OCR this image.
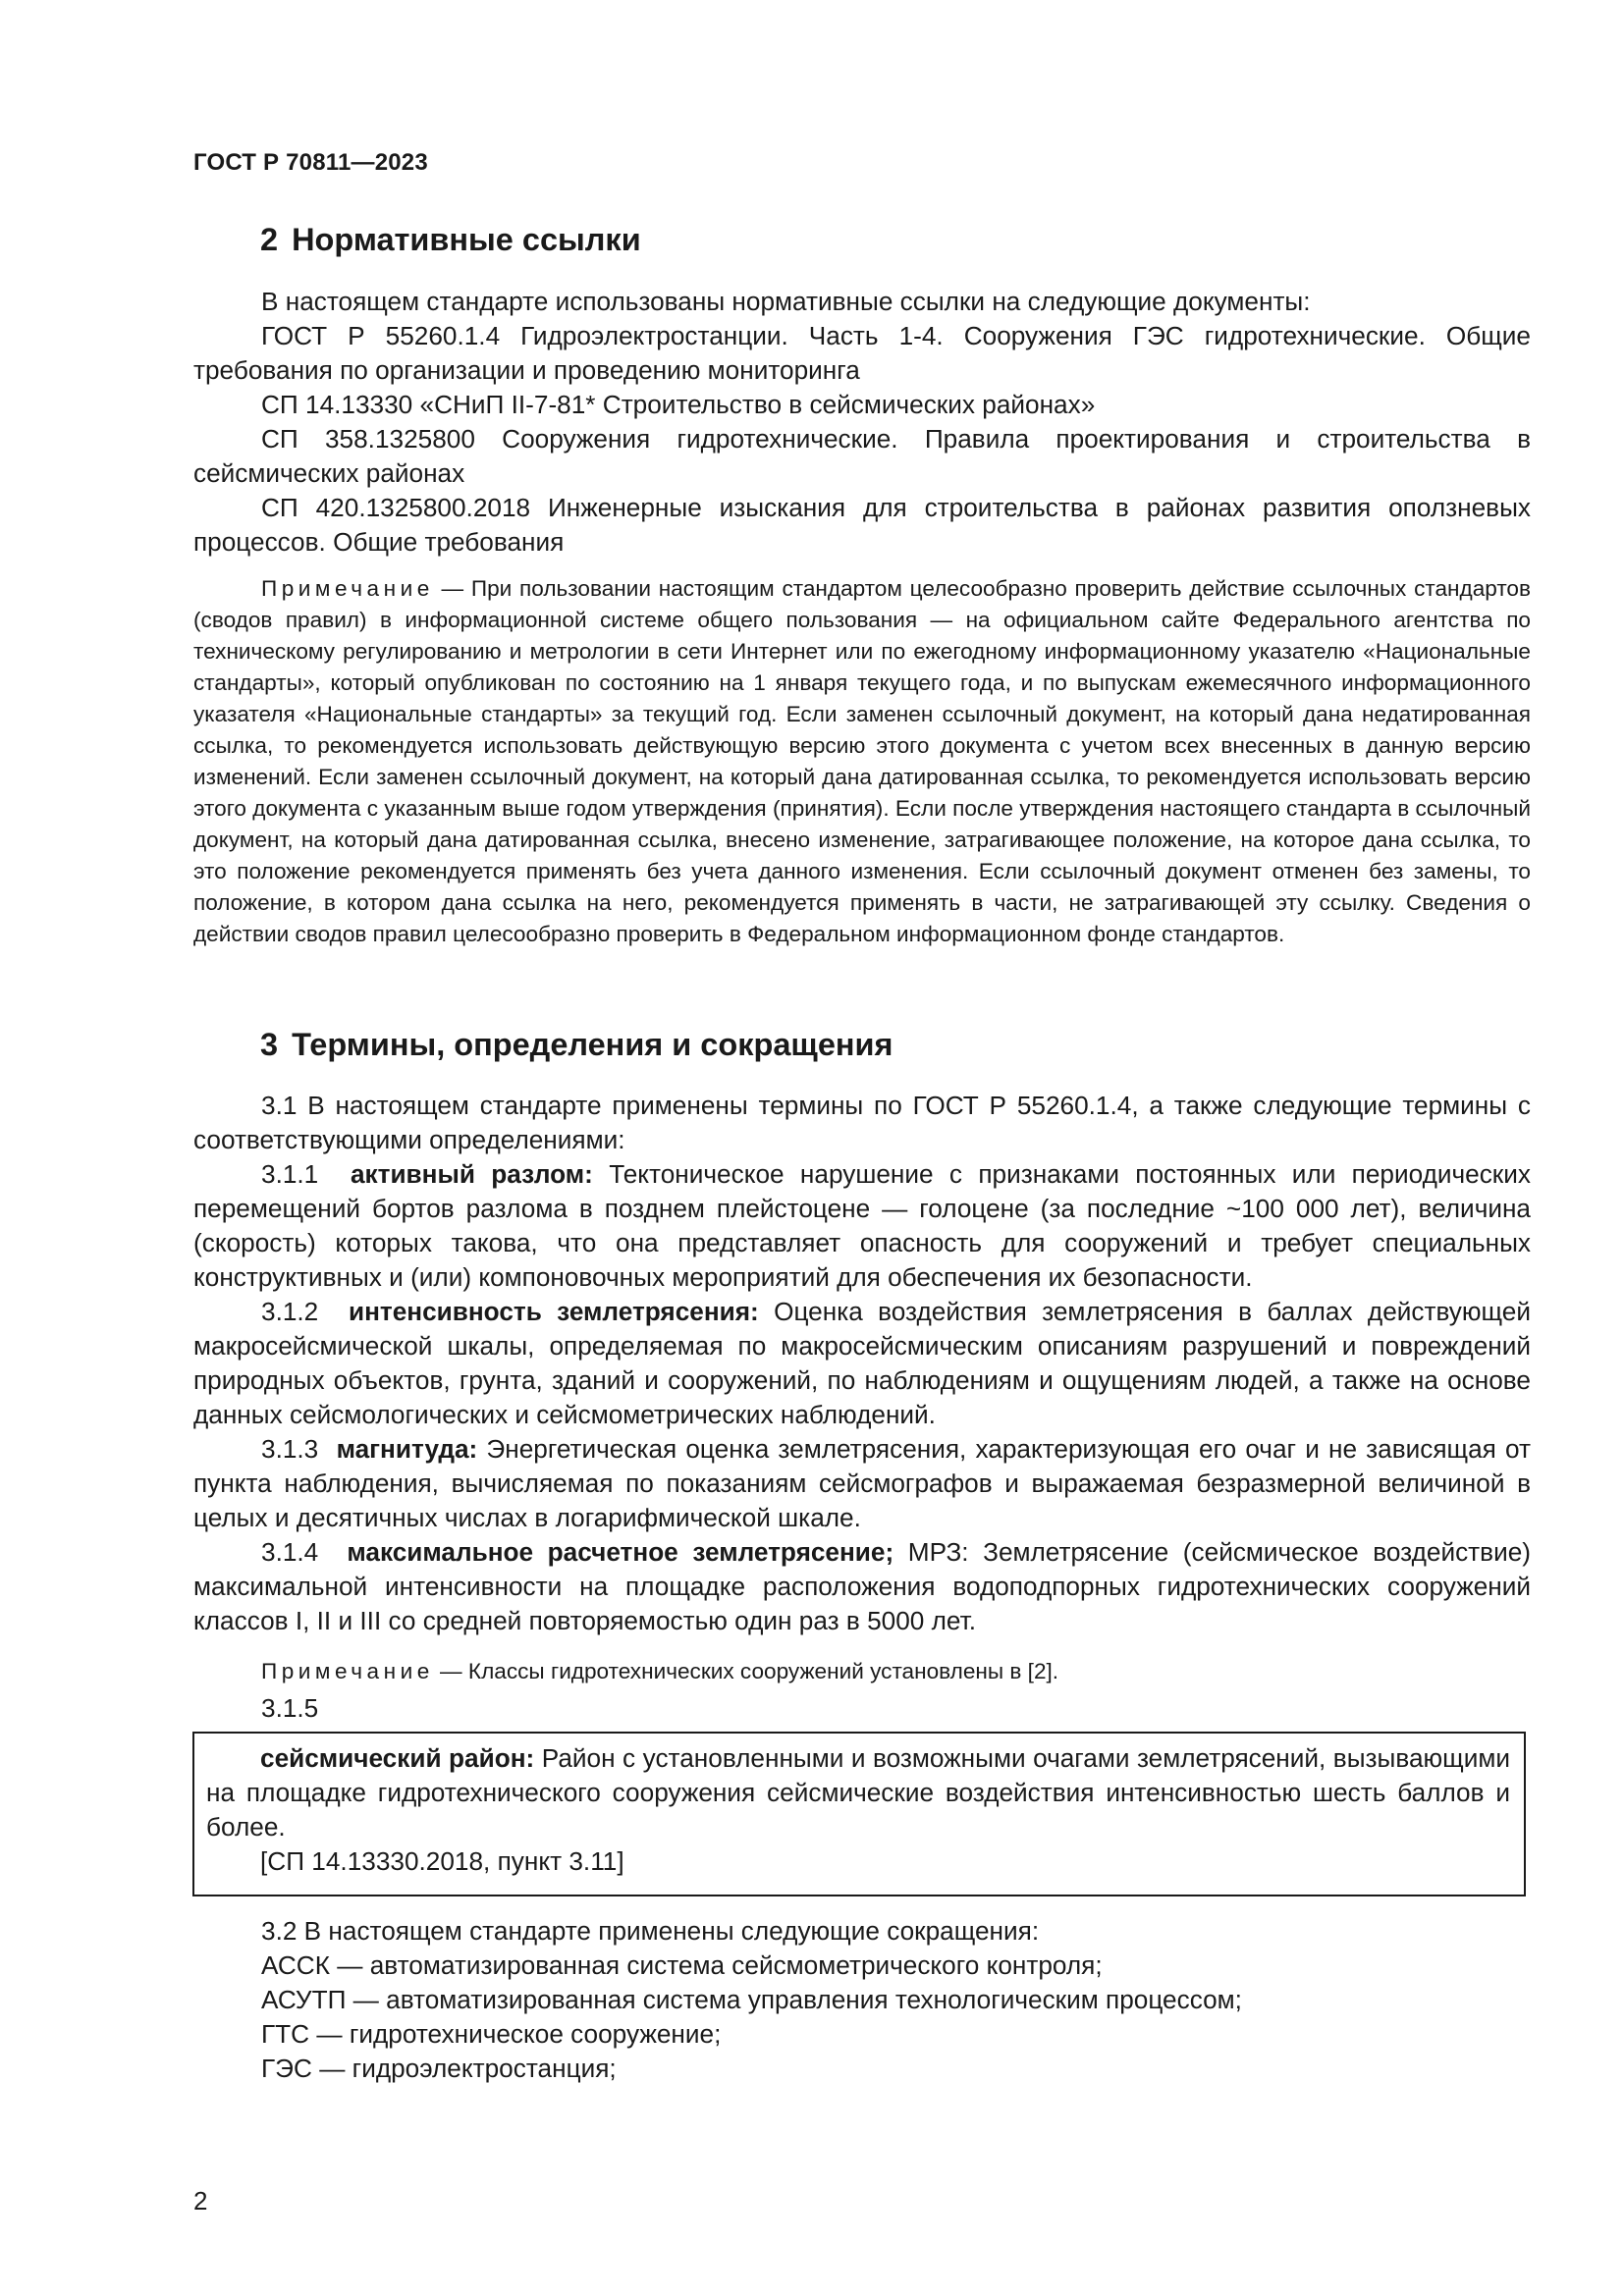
ГОСТ Р 70811—2023
2 Нормативные ссылки

В настоящем стандарте использованы нормативные ссылки на следующие документы:

ГОСТ Р 55260.1.4 Гидроэлектростанции. Часть 1-4. Сооружения ГЭС гидротехнические. Общие требования по организации и проведению мониторинга

СП 14.13330 «СНиП II-7-81* Строительство в сейсмических районах»

СП 358.1325800 Сооружения гидротехнические. Правила проектирования и строительства в сейсмических районах

СП 420.1325800.2018 Инженерные изыскания для строительства в районах развития оползневых процессов. Общие требования

Примечание — При пользовании настоящим стандартом целесообразно проверить действие ссылочных стандартов (сводов правил) в информационной системе общего пользования — на официальном сайте Федерального агентства по техническому регулированию и метрологии в сети Интернет или по ежегодному информационному указателю «Национальные стандарты», который опубликован по состоянию на 1 января текущего года, и по выпускам ежемесячного информационного указателя «Национальные стандарты» за текущий год. Если заменен ссылочный документ, на который дана недатированная ссылка, то рекомендуется использовать действующую версию этого документа с учетом всех внесенных в данную версию изменений. Если заменен ссылочный документ, на который дана датированная ссылка, то рекомендуется использовать версию этого документа с указанным выше годом утверждения (принятия). Если после утверждения настоящего стандарта в ссылочный документ, на который дана датированная ссылка, внесено изменение, затрагивающее положение, на которое дана ссылка, то это положение рекомендуется применять без учета данного изменения. Если ссылочный документ отменен без замены, то положение, в котором дана ссылка на него, рекомендуется применять в части, не затрагивающей эту ссылку. Сведения о действии сводов правил целесообразно проверить в Федеральном информационном фонде стандартов.

3 Термины, определения и сокращения

3.1 В настоящем стандарте применены термины по ГОСТ Р 55260.1.4, а также следующие термины с соответствующими определениями:

3.1.1 активный разлом: Тектоническое нарушение с признаками постоянных или периодических перемещений бортов разлома в позднем плейстоцене — голоцене (за последние ~100 000 лет), величина (скорость) которых такова, что она представляет опасность для сооружений и требует специальных конструктивных и (или) компоновочных мероприятий для обеспечения их безопасности.

3.1.2 интенсивность землетрясения: Оценка воздействия землетрясения в баллах действующей макросейсмической шкалы, определяемая по макросейсмическим описаниям разрушений и повреждений природных объектов, грунта, зданий и сооружений, по наблюдениям и ощущениям людей, а также на основе данных сейсмологических и сейсмометрических наблюдений.

3.1.3 магнитуда: Энергетическая оценка землетрясения, характеризующая его очаг и не зависящая от пункта наблюдения, вычисляемая по показаниям сейсмографов и выражаемая безразмерной величиной в целых и десятичных числах в логарифмической шкале.

3.1.4 максимальное расчетное землетрясение; МРЗ: Землетрясение (сейсмическое воздействие) максимальной интенсивности на площадке расположения водоподпорных гидротехнических сооружений классов I, II и III со средней повторяемостью один раз в 5000 лет.

Примечание — Классы гидротехнических сооружений установлены в [2].

3.1.5

сейсмический район: Район с установленными и возможными очагами землетрясений, вызывающими на площадке гидротехнического сооружения сейсмические воздействия интенсивностью шесть баллов и более.

[СП 14.13330.2018, пункт 3.11]

3.2 В настоящем стандарте применены следующие сокращения:

АССК — автоматизированная система сейсмометрического контроля;

АСУТП — автоматизированная система управления технологическим процессом;

ГТС — гидротехническое сооружение;

ГЭС — гидроэлектростанция;

2
